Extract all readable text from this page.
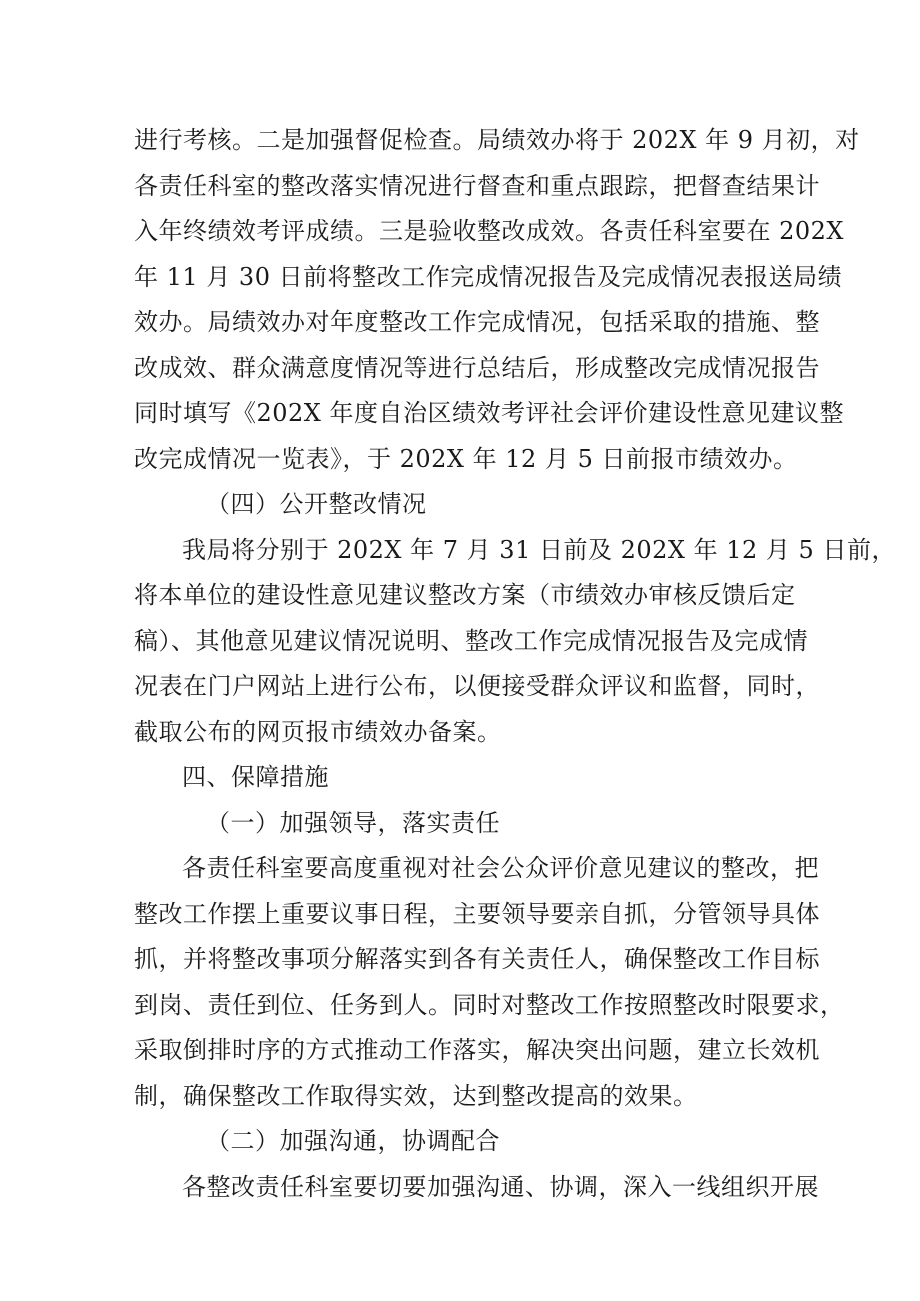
进行考核。二是加强督促检查。局绩效办将于 202X 年 9 月初，对
各责任科室的整改落实情况进行督查和重点跟踪，把督查结果计
入年终绩效考评成绩。三是验收整改成效。各责任科室要在 202X
年 11 月 30 日前将整改工作完成情况报告及完成情况表报送局绩
效办。局绩效办对年度整改工作完成情况，包括采取的措施、整
改成效、群众满意度情况等进行总结后，形成整改完成情况报告
同时填写《202X 年度自治区绩效考评社会评价建设性意见建议整
改完成情况一览表》，于 202X 年 12 月 5 日前报市绩效办。
（四）公开整改情况
我局将分别于 202X 年 7 月 31 日前及 202X 年 12 月 5 日前，
将本单位的建设性意见建议整改方案（市绩效办审核反馈后定
稿）、其他意见建议情况说明、整改工作完成情况报告及完成情
况表在门户网站上进行公布，以便接受群众评议和监督，同时，
截取公布的网页报市绩效办备案。
四、保障措施
（一）加强领导，落实责任
各责任科室要高度重视对社会公众评价意见建议的整改，把
整改工作摆上重要议事日程，主要领导要亲自抓，分管领导具体
抓，并将整改事项分解落实到各有关责任人，确保整改工作目标
到岗、责任到位、任务到人。同时对整改工作按照整改时限要求，
采取倒排时序的方式推动工作落实，解决突出问题，建立长效机
制，确保整改工作取得实效，达到整改提高的效果。
（二）加强沟通，协调配合
各整改责任科室要切要加强沟通、协调，深入一线组织开展
